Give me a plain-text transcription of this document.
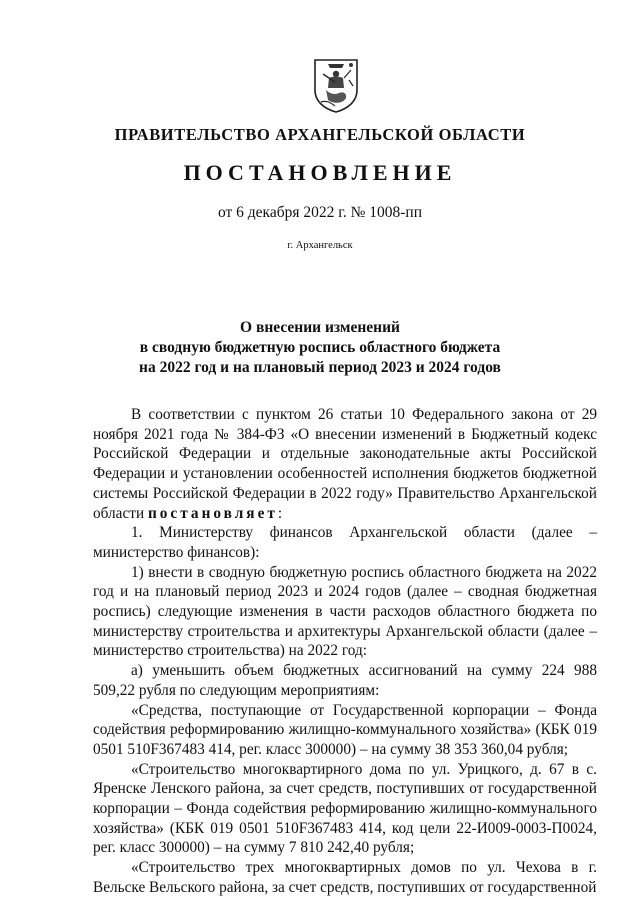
ПРАВИТЕЛЬСТВО АРХАНГЕЛЬСКОЙ ОБЛАСТИ
ПОСТАНОВЛЕНИЕ
от 6 декабря 2022 г. № 1008-пп
г. Архангельск
О внесении изменений
в сводную бюджетную роспись областного бюджета
на 2022 год и на плановый период 2023 и 2024 годов

В соответствии с пунктом 26 статьи 10 Федерального закона от 29 ноября 2021 года № 384-ФЗ «О внесении изменений в Бюджетный кодекс Российской Федерации и отдельные законодательные акты Российской Федерации и установлении особенностей исполнения бюджетов бюджетной системы Российской Федерации в 2022 году» Правительство Архангельской области постановляет:

1. Министерству финансов Архангельской области (далее – министерство финансов):

1) внести в сводную бюджетную роспись областного бюджета на 2022 год и на плановый период 2023 и 2024 годов (далее – сводная бюджетная роспись) следующие изменения в части расходов областного бюджета по министерству строительства и архитектуры Архангельской области (далее – министерство строительства) на 2022 год:

а) уменьшить объем бюджетных ассигнований на сумму 224 988 509,22 рубля по следующим мероприятиям:

«Средства, поступающие от Государственной корпорации – Фонда содействия реформированию жилищно-коммунального хозяйства» (КБК 019 0501 510F367483 414, рег. класс 300000) – на сумму 38 353 360,04 рубля;

«Строительство многоквартирного дома по ул. Урицкого, д. 67 в с. Яренске Ленского района, за счет средств, поступивших от государственной корпорации – Фонда содействия реформированию жилищно-коммунального хозяйства» (КБК 019 0501 510F367483 414, код цели 22-И009-0003-П0024, рег. класс 300000) – на сумму 7 810 242,40 рубля;

«Строительство трех многоквартирных домов по ул. Чехова в г. Вельске Вельского района, за счет средств, поступивших от государственной
